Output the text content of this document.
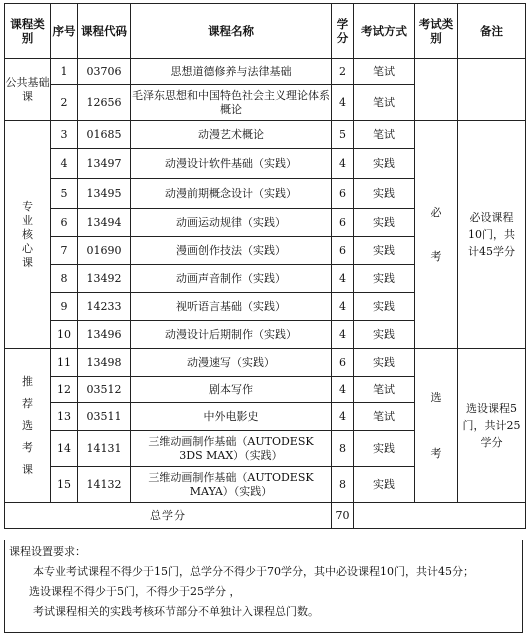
课程类别	序号	课程代码	课程名称	学分	考试方式	考试类别	备注
公共基础课	1	03706	思想道德修养与法律基础	2	笔试		
	2	12656	毛泽东思想和中国特色社会主义理论体系概论	4	笔试		
专业核心课	3	01685	动漫艺术概论	5	笔试	必考	必设课程10门，共计45学分
	4	13497	动漫设计软件基础（实践）	4	实践		
	5	13495	动漫前期概念设计（实践）	6	实践		
	6	13494	动画运动规律（实践）	6	实践		
	7	01690	漫画创作技法（实践）	6	实践		
	8	13492	动画声音制作（实践）	4	实践		
	9	14233	视听语言基础（实践）	4	实践		
	10	13496	动漫设计后期制作（实践）	4	实践		
推荐选考课	11	13498	动漫速写（实践）	6	实践	选考	选设课程5门，共计25学分
	12	03512	剧本写作	4	笔试		
	13	03511	中外电影史	4	笔试		
	14	14131	三维动画制作基础（AUTODESK 3DS MAX）（实践）	8	实践		
	15	14132	三维动画制作基础（AUTODESK MAYA）（实践）	8	实践		
总学分				70			
课程设置要求：
本专业考试课程不得少于15门，总学分不得少于70学分，其中必设课程10门，共计45分；
选设课程不得少于5门，不得少于25学分 ，
考试课程相关的实践考核环节部分不单独计入课程总门数。
